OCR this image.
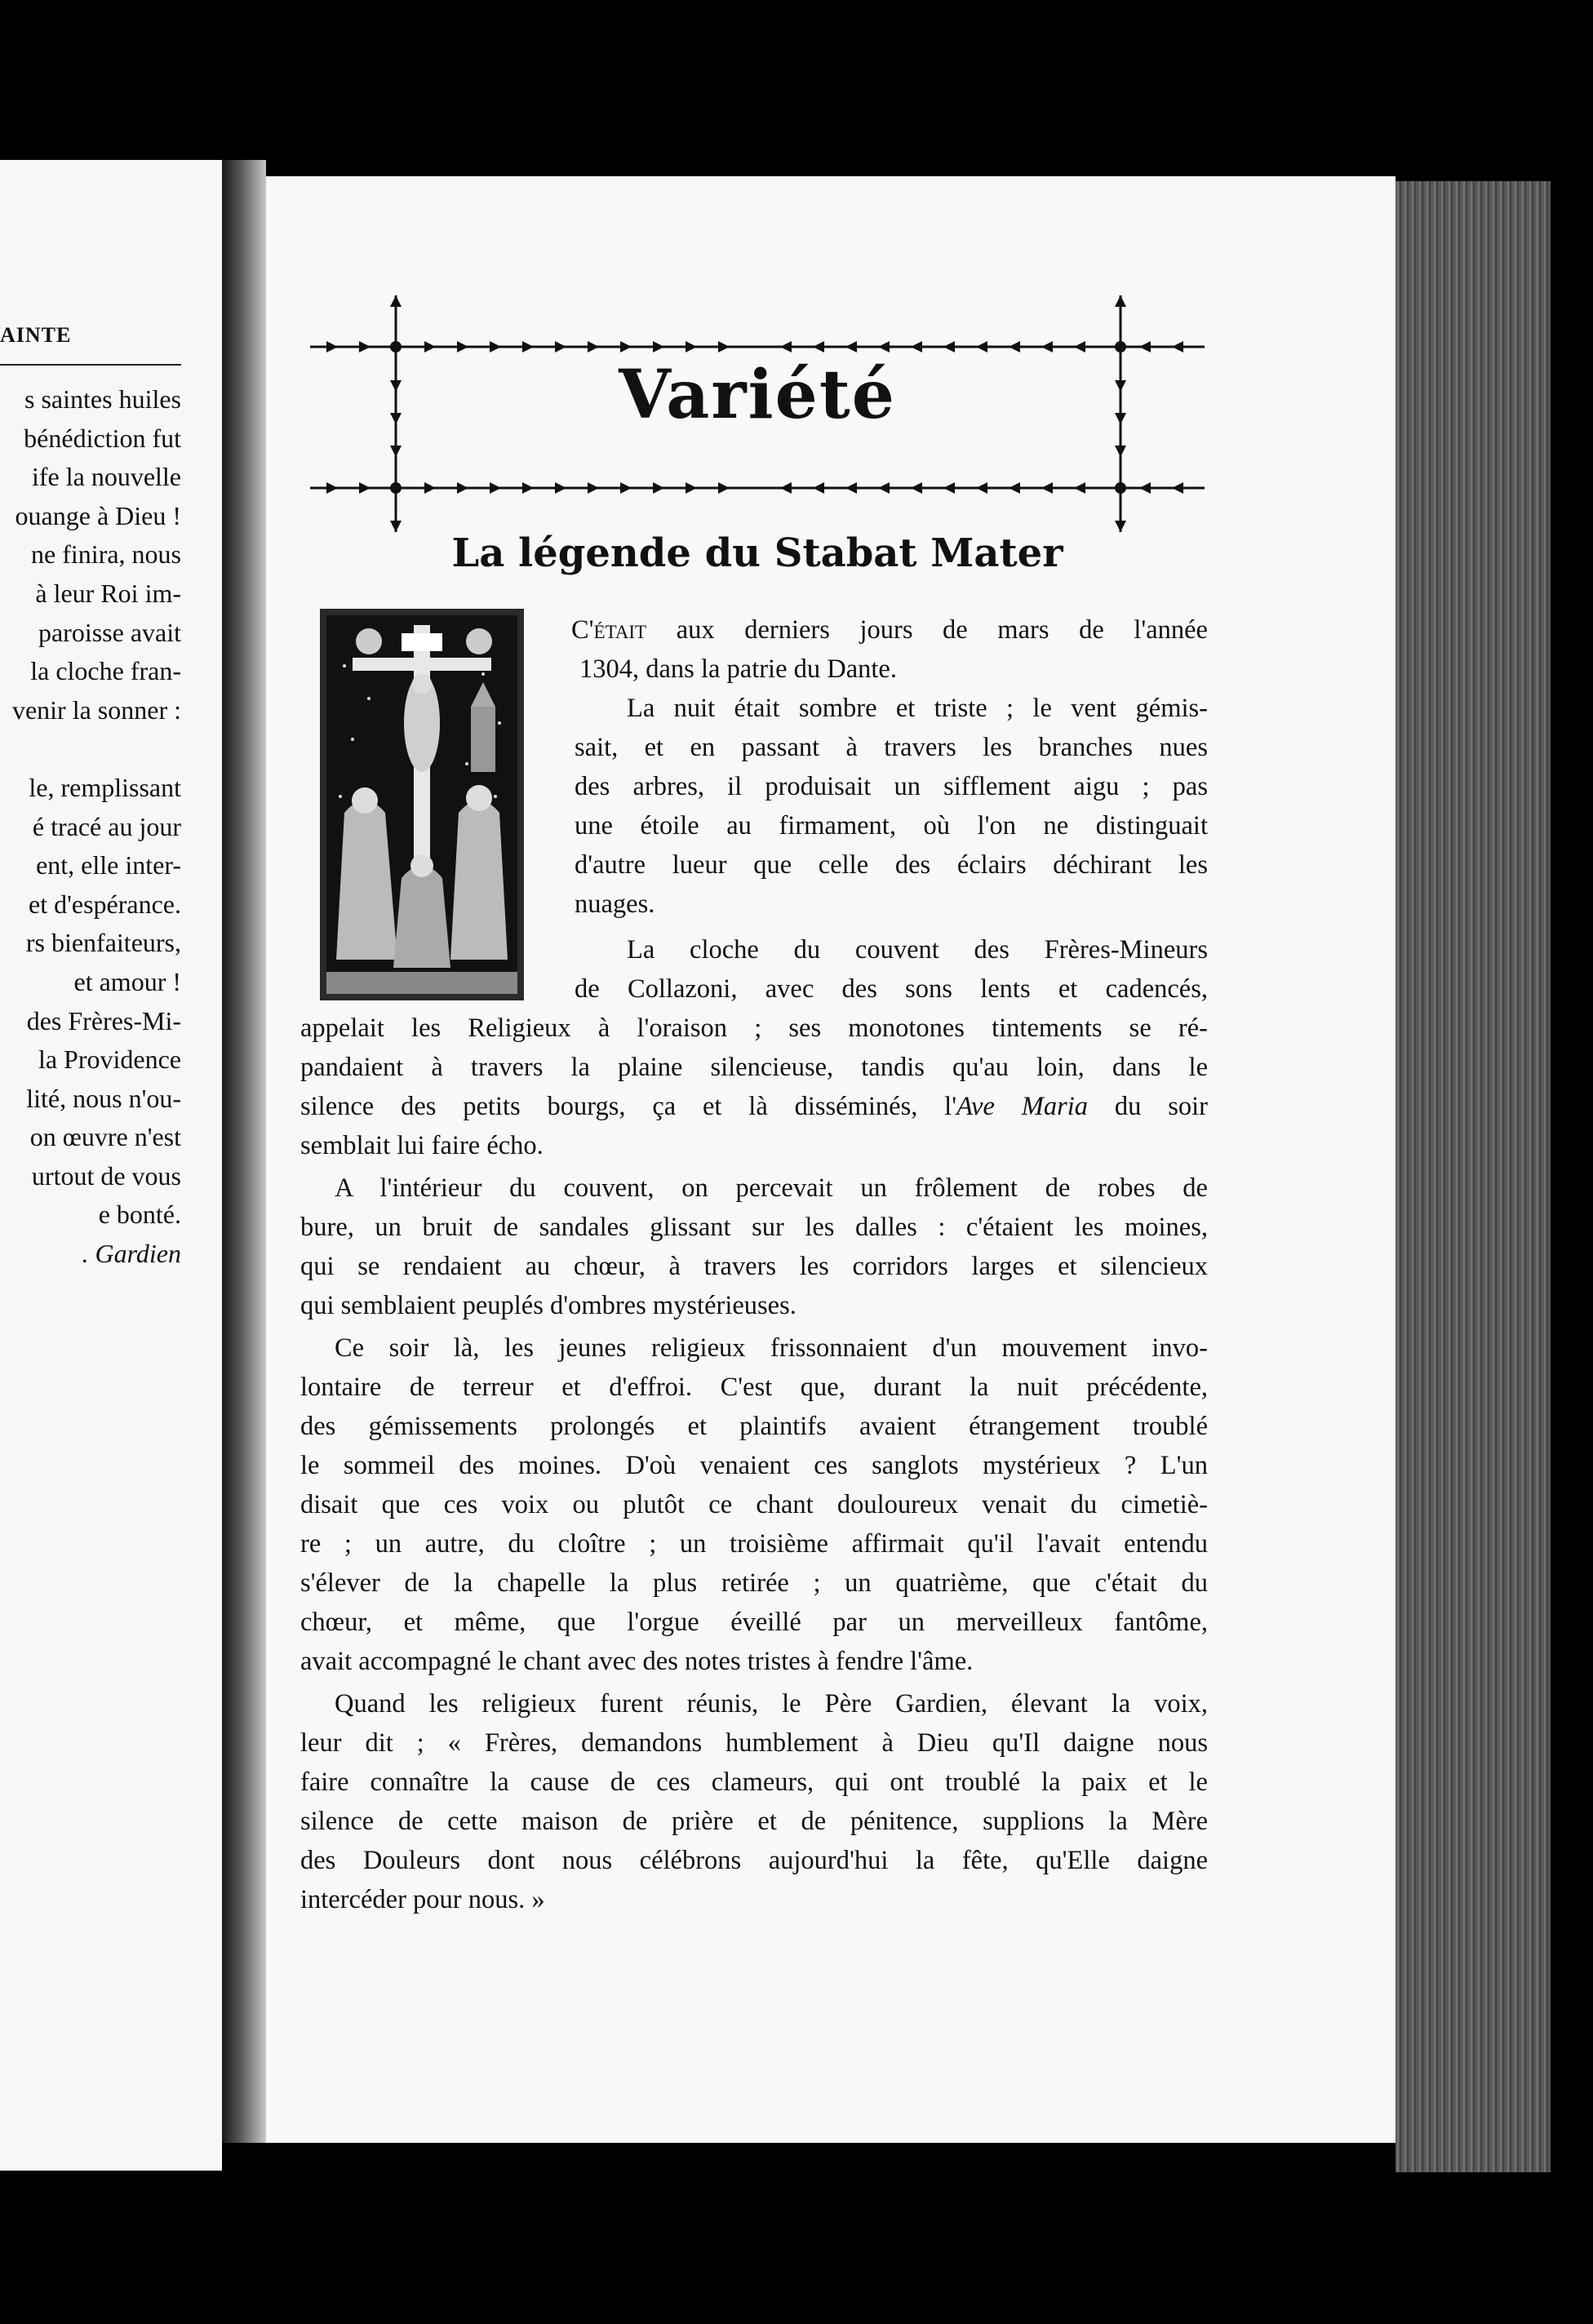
AINTE
s saintes huiles
bénédiction fut
ife la nouvelle
ouange à Dieu !
ne finira, nous
à leur Roi im-
paroisse avait
la cloche fran-
venir la sonner :
le, remplissant
é tracé au jour
ent, elle inter-
et d'espérance.
rs bienfaiteurs,
et amour !
des Frères-Mi-
la Providence
lité, nous n'ou-
on œuvre n'est
urtout de vous
e bonté.
. Gardien
Variété
La légende du Stabat Mater
C'était aux derniers jours de mars de l'année
1304, dans la patrie du Dante.
La nuit était sombre et triste ; le vent gémis-
sait, et en passant à travers les branches nues
des arbres, il produisait un sifflement aigu ; pas
une étoile au firmament, où l'on ne distinguait
d'autre lueur que celle des éclairs déchirant les
nuages.
La cloche du couvent des Frères-Mineurs
de Collazoni, avec des sons lents et cadencés,
appelait les Religieux à l'oraison ; ses monotones tintements se ré-
pandaient à travers la plaine silencieuse, tandis qu'au loin, dans le
silence des petits bourgs, ça et là disséminés, l'Ave Maria du soir
semblait lui faire écho.
A l'intérieur du couvent, on percevait un frôlement de robes de
bure, un bruit de sandales glissant sur les dalles : c'étaient les moines,
qui se rendaient au chœur, à travers les corridors larges et silencieux
qui semblaient peuplés d'ombres mystérieuses.
Ce soir là, les jeunes religieux frissonnaient d'un mouvement invo-
lontaire de terreur et d'effroi. C'est que, durant la nuit précédente,
des gémissements prolongés et plaintifs avaient étrangement troublé
le sommeil des moines. D'où venaient ces sanglots mystérieux ? L'un
disait que ces voix ou plutôt ce chant douloureux venait du cimetiè-
re ; un autre, du cloître ; un troisième affirmait qu'il l'avait entendu
s'élever de la chapelle la plus retirée ; un quatrième, que c'était du
chœur, et même, que l'orgue éveillé par un merveilleux fantôme,
avait accompagné le chant avec des notes tristes à fendre l'âme.
Quand les religieux furent réunis, le Père Gardien, élevant la voix,
leur dit ; « Frères, demandons humblement à Dieu qu'Il daigne nous
faire connaître la cause de ces clameurs, qui ont troublé la paix et le
silence de cette maison de prière et de pénitence, supplions la Mère
des Douleurs dont nous célébrons aujourd'hui la fête, qu'Elle daigne
intercéder pour nous. »
